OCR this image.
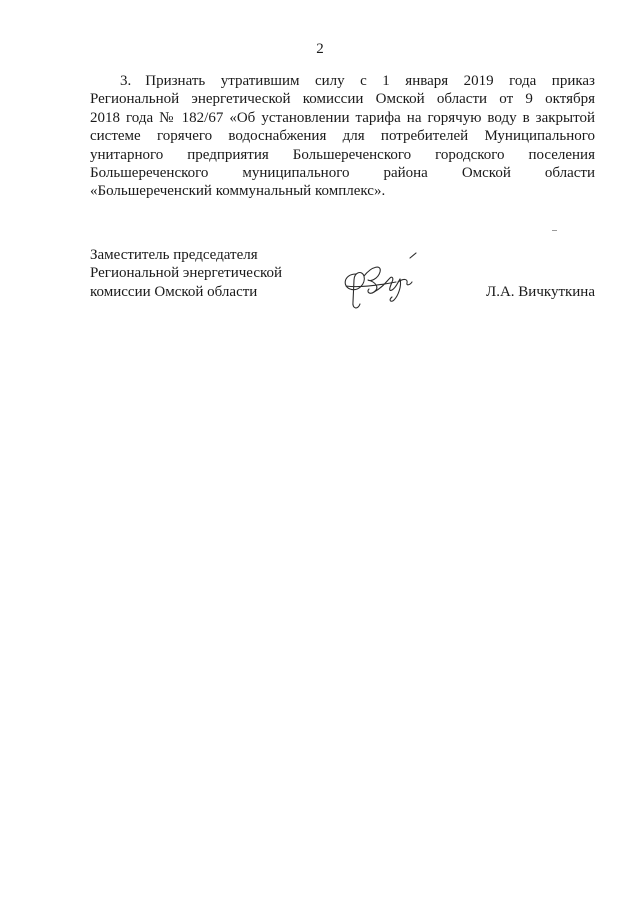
2
3. Признать утратившим силу с 1 января 2019 года приказ
Региональной энергетической комиссии Омской области от 9 октября
2018 года № 182/67 «Об установлении тарифа на горячую воду в закрытой
системе горячего водоснабжения для потребителей Муниципального
унитарного предприятия Большереченского городского поселения
Большереченского муниципального района Омской области
«Большереченский коммунальный комплекс».
Заместитель председателя
Региональной энергетической
комиссии Омской области	Л.А. Вичкуткина
